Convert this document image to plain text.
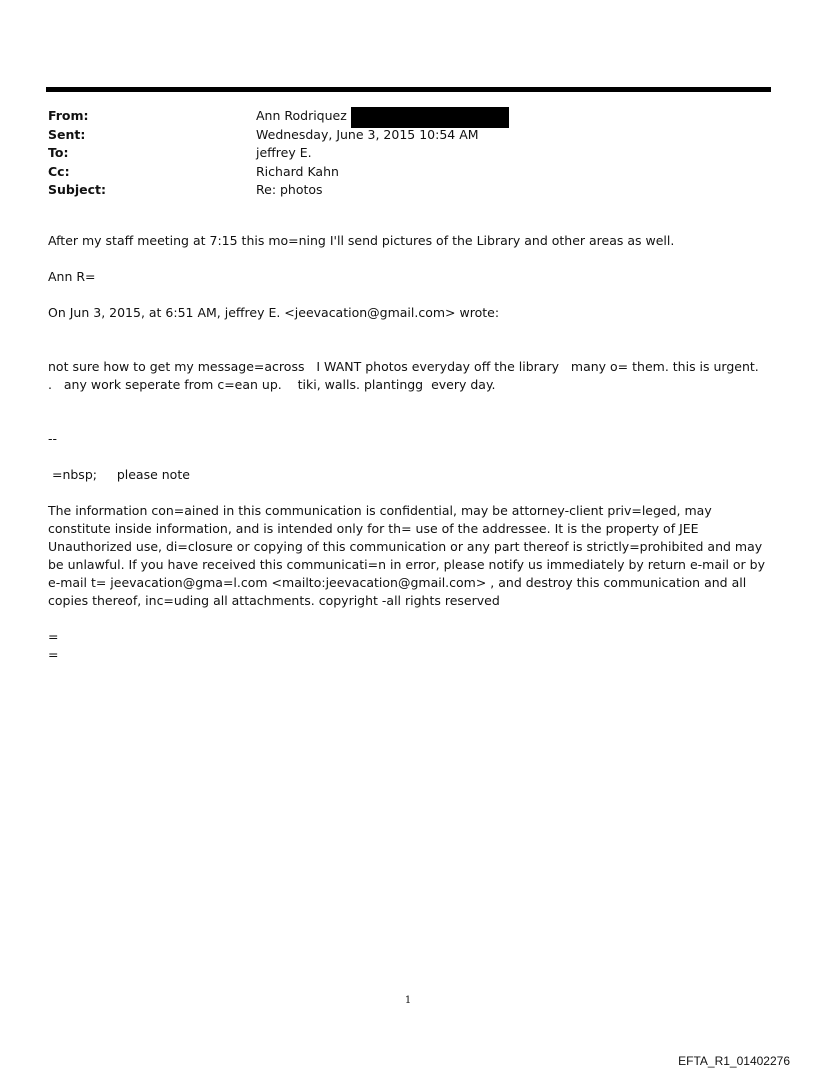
From:	Ann Rodriquez
Sent:	Wednesday, June 3, 2015 10:54 AM
To:	jeffrey E.
Cc:	Richard Kahn
Subject:	Re: photos

After my staff meeting at 7:15 this mo=ning I'll send pictures of the Library and other areas as well.

Ann R=

On Jun 3, 2015, at 6:51 AM, jeffrey E. <jeevacation@gmail.com> wrote:

not sure how to get my message=across   I WANT photos everyday off the library   many o= them. this is urgent.     .   any work seperate from c=ean up.    tiki, walls. plantingg  every day.

--

=nbsp;     please note

The information con=ained in this communication is confidential, may be attorney-client priv=leged, may constitute inside information, and is intended only for th= use of the addressee. It is the property of JEE Unauthorized use, di=closure or copying of this communication or any part thereof is strictly=prohibited and may be unlawful. If you have received this communicati=n in error, please notify us immediately by return e-mail or by e-mail t= jeevacation@gma=l.com <mailto:jeevacation@gmail.com> , and destroy this communication and all copies thereof, inc=uding all attachments. copyright -all rights reserved

=

=

1
EFTA_R1_01402276
